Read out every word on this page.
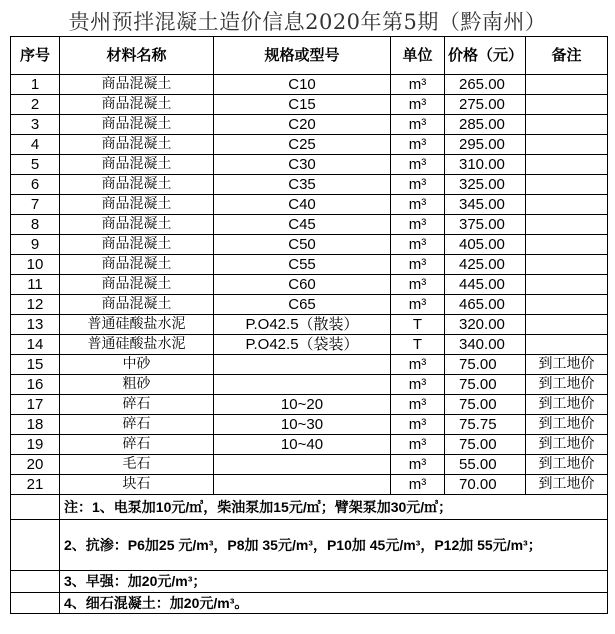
贵州预拌混凝土造价信息2020年第5期（黔南州）
序号	材料名称	规格或型号	单位	价格（元）	备注
1	商品混凝土	C10	m³	265.00	
2	商品混凝土	C15	m³	275.00	
3	商品混凝土	C20	m³	285.00	
4	商品混凝土	C25	m³	295.00	
5	商品混凝土	C30	m³	310.00	
6	商品混凝土	C35	m³	325.00	
7	商品混凝土	C40	m³	345.00	
8	商品混凝土	C45	m³	375.00	
9	商品混凝土	C50	m³	405.00	
10	商品混凝土	C55	m³	425.00	
11	商品混凝土	C60	m³	445.00	
12	商品混凝土	C65	m³	465.00	
13	普通硅酸盐水泥	P.O42.5（散装）	T	320.00	
14	普通硅酸盐水泥	P.O42.5（袋装）	T	340.00	
15	中砂		m³	75.00	到工地价
16	粗砂		m³	75.00	到工地价
17	碎石	10~20	m³	75.00	到工地价
18	碎石	10~30	m³	75.75	到工地价
19	碎石	10~40	m³	75.00	到工地价
20	毛石		m³	55.00	到工地价
21	块石		m³	70.00	到工地价
	注：1、电泵加10元/㎥，柴油泵加15元/㎥；臂架泵加30元/㎥；				
	2、抗渗：P6加25 元/m³，P8加 35元/m³，P10加 45元/m³，P12加 55元/m³；				
	3、早强：加20元/m³；				
	4、细石混凝土：加20元/m³。				
